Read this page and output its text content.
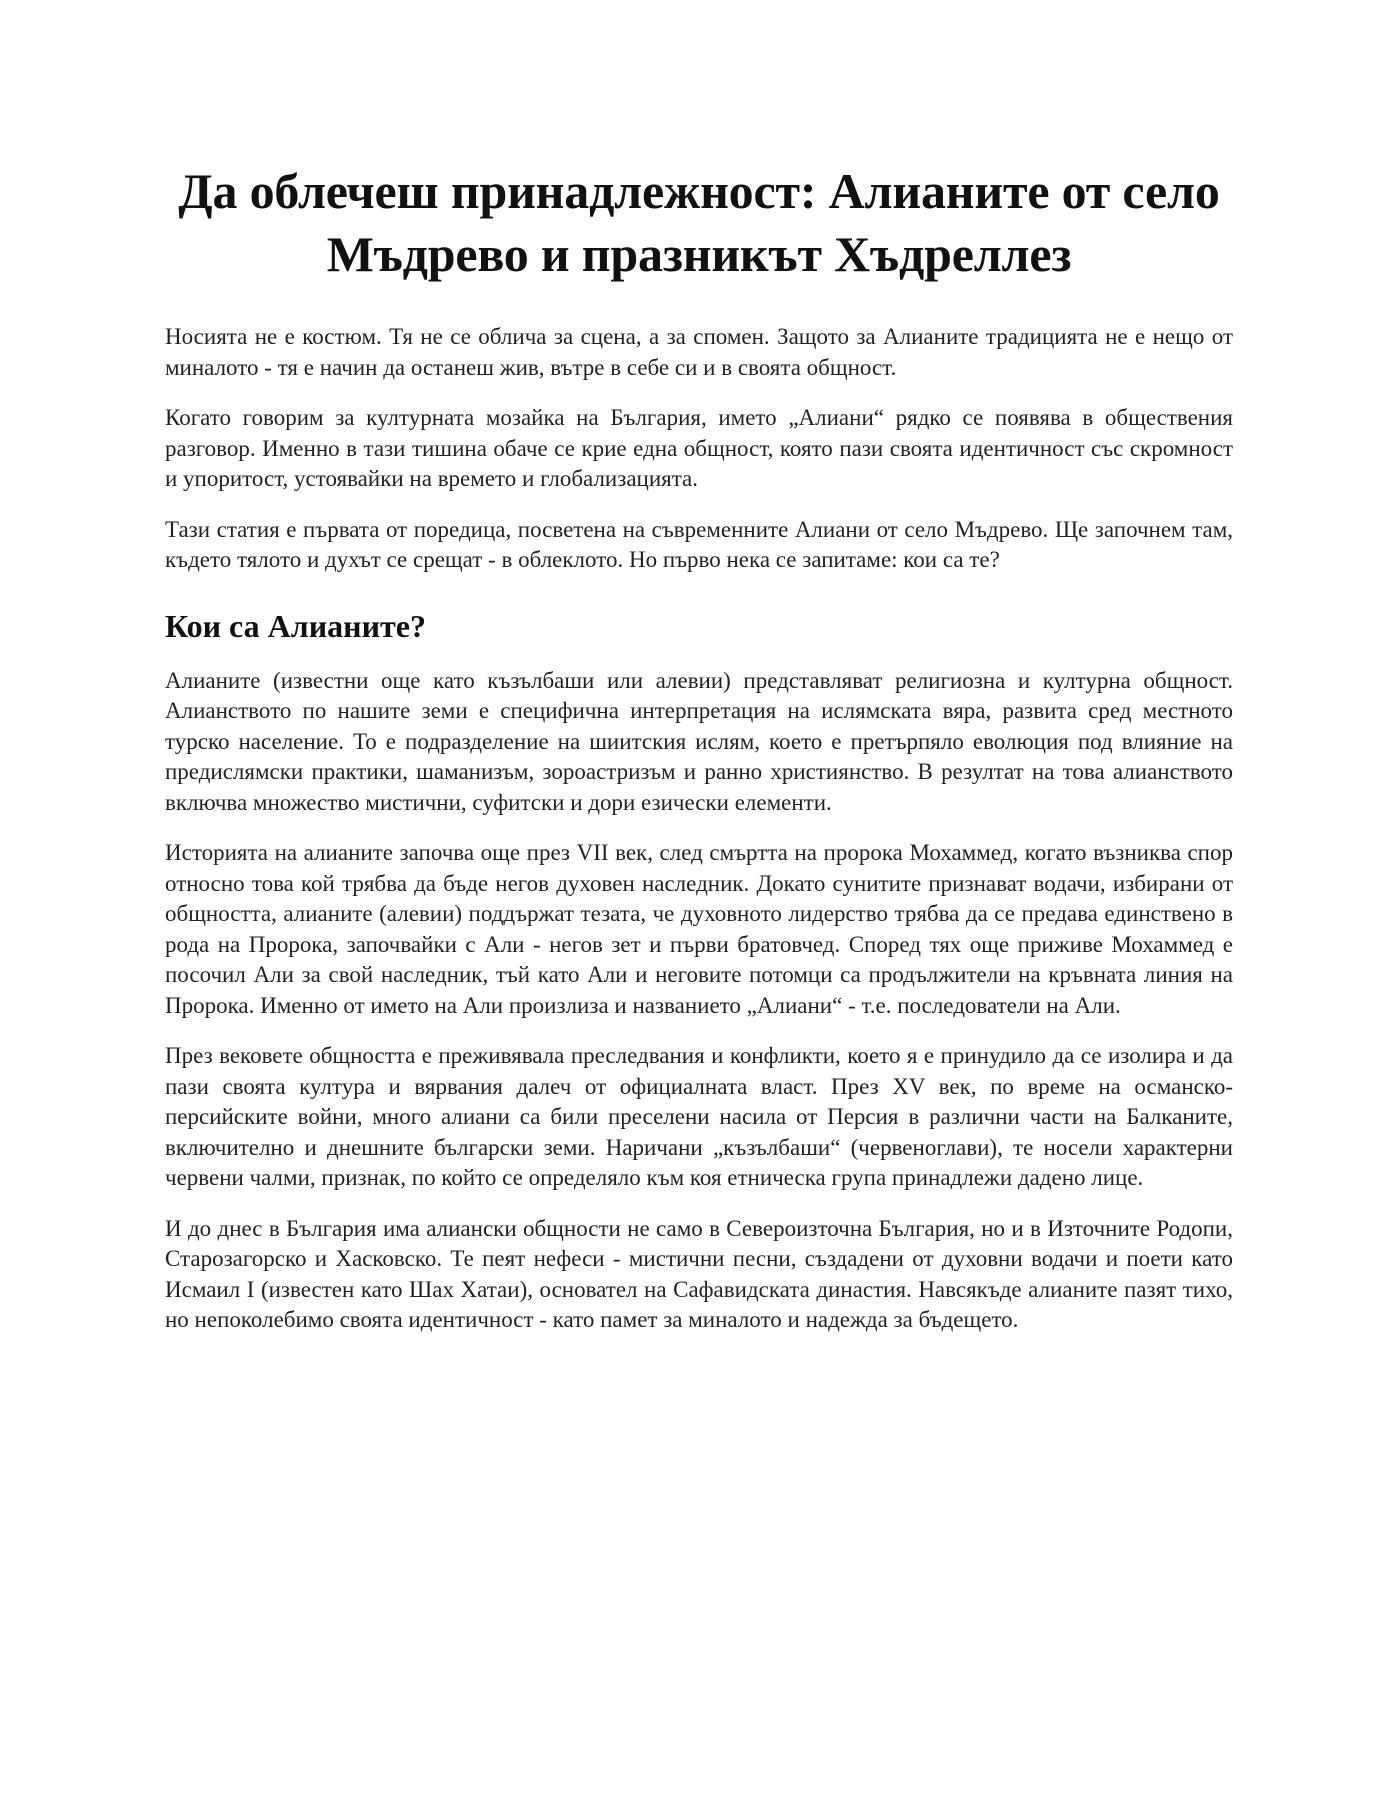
Да облечеш принадлежност: Алианите от село Мъдрево и празникът Хъдреллез

Носията не е костюм. Тя не се облича за сцена, а за спомен. Защото за Алианите традицията не е нещо от миналото - тя е начин да останеш жив, вътре в себе си и в своята общност.

Когато говорим за културната мозайка на България, името „Алиани“ рядко се появява в обществения разговор. Именно в тази тишина обаче се крие една общност, която пази своята идентичност със скромност и упоритост, устоявайки на времето и глобализацията.

Тази статия е първата от поредица, посветена на съвременните Алиани от село Мъдрево. Ще започнем там, където тялото и духът се срещат - в облеклото. Но първо нека се запитаме: кои са те?

Кои са Алианите?

Алианите (известни още като къзълбаши или алевии) представляват религиозна и културна общност. Алианството по нашите земи е специфична интерпретация на ислямската вяра, развита сред местното турско население. То е подразделение на шиитския ислям, което е претърпяло еволюция под влияние на предислямски практики, шаманизъм, зороастризъм и ранно християнство. В резултат на това алианството включва множество мистични, суфитски и дори езически елементи.

Историята на алианите започва още през VII век, след смъртта на пророка Мохаммед, когато възниква спор относно това кой трябва да бъде негов духовен наследник. Докато сунитите признават водачи, избирани от общността, алианите (алевии) поддържат тезата, че духовното лидерство трябва да се предава единствено в рода на Пророка, започвайки с Али - негов зет и първи братовчед. Според тях още приживе Мохаммед е посочил Али за свой наследник, тъй като Али и неговите потомци са продължители на кръвната линия на Пророка. Именно от името на Али произлиза и названието „Алиани“ - т.е. последователи на Али.

През вековете общността е преживявала преследвания и конфликти, което я е принудило да се изолира и да пази своята култура и вярвания далеч от официалната власт. През XV век, по време на османско-персийските войни, много алиани са били преселени насила от Персия в различни части на Балканите, включително и днешните български земи. Наричани „къзълбаши“ (червеноглави), те носели характерни червени чалми, признак, по който се определяло към коя етническа група принадлежи дадено лице.

И до днес в България има алиански общности не само в Североизточна България, но и в Източните Родопи, Старозагорско и Хасковско. Те пеят нефеси - мистични песни, създадени от духовни водачи и поети като Исмаил I (известен като Шах Хатаи), основател на Сафавидската династия. Навсякъде алианите пазят тихо, но непоколебимо своята идентичност - като памет за миналото и надежда за бъдещето.
